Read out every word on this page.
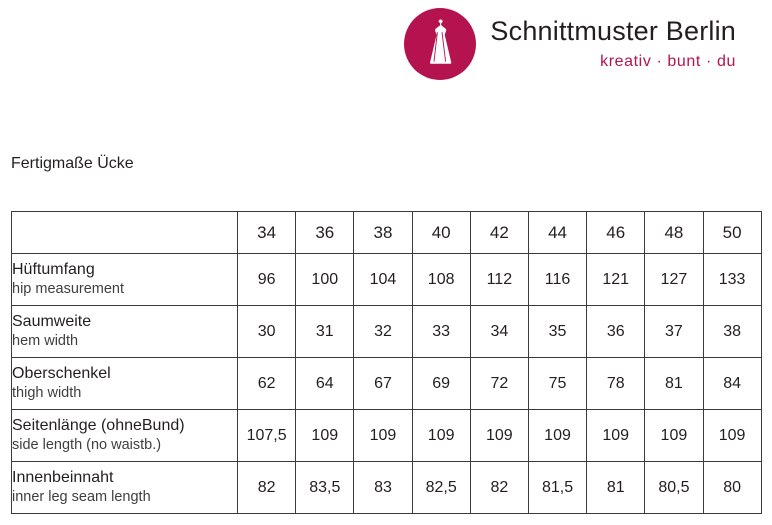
Schnittmuster Berlin
kreativ · bunt · du
Fertigmaße Ücke
	34	36	38	40	42	44	46	48	50

Hüftumfang
hip measurement	96	100	104	108	112	116	121	127	133

Saumweite
hem width	30	31	32	33	34	35	36	37	38

Oberschenkel
thigh width	62	64	67	69	72	75	78	81	84

Seitenlänge (ohneBund)
side length (no waistb.)	107,5	109	109	109	109	109	109	109	109

Innenbeinnaht
inner leg seam length	82	83,5	83	82,5	82	81,5	81	80,5	80
